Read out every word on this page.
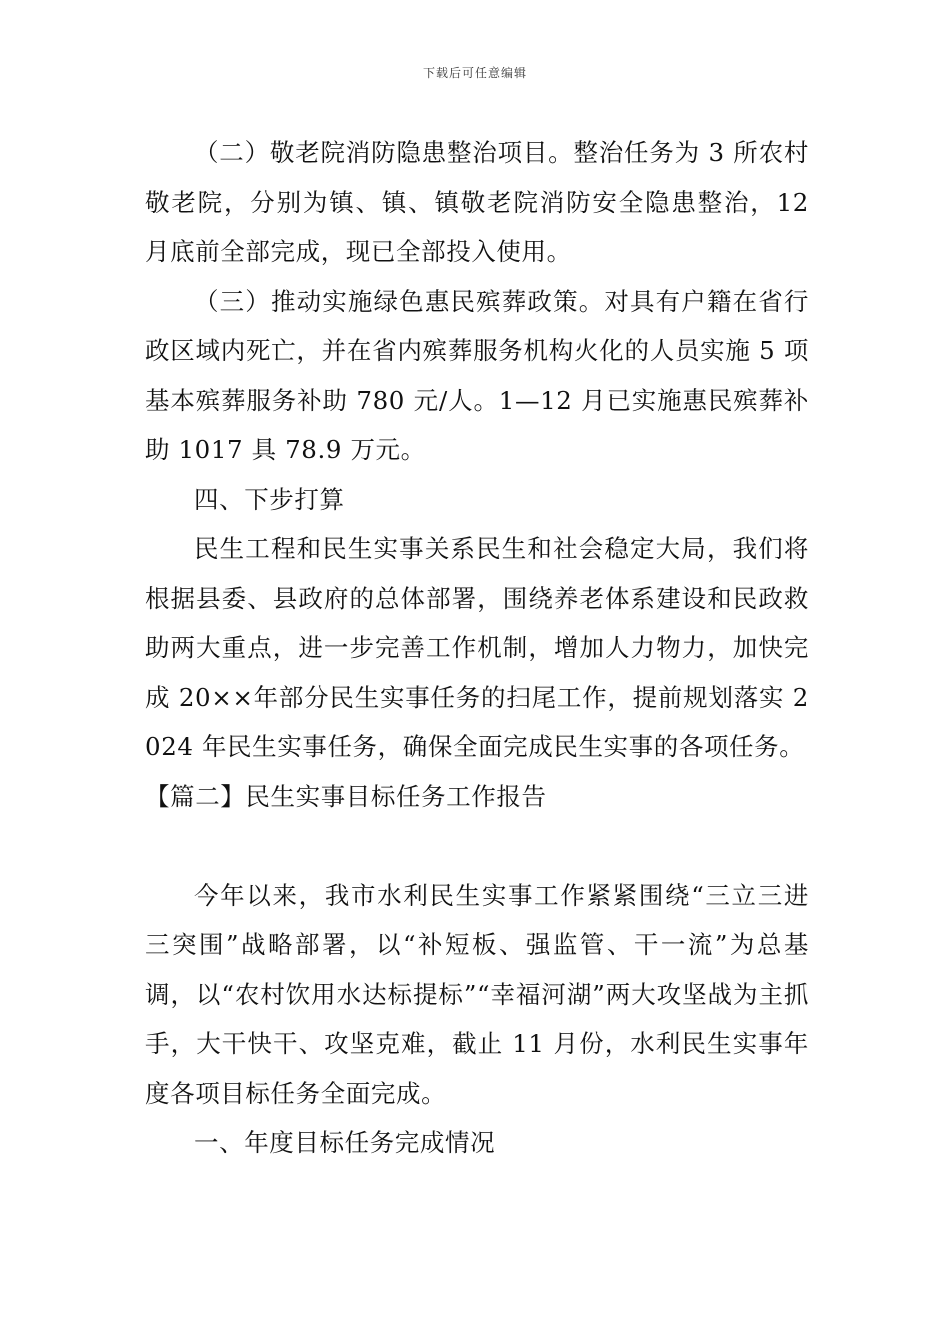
下载后可任意编辑

（二）敬老院消防隐患整治项目。整治任务为 3 所农村敬老院，分别为镇、镇、镇敬老院消防安全隐患整治，12 月底前全部完成，现已全部投入使用。

（三）推动实施绿色惠民殡葬政策。对具有户籍在省行政区域内死亡，并在省内殡葬服务机构火化的人员实施 5 项基本殡葬服务补助 780 元/人。1—12 月已实施惠民殡葬补助 1017 具 78.9 万元。

四、下步打算

民生工程和民生实事关系民生和社会稳定大局，我们将根据县委、县政府的总体部署，围绕养老体系建设和民政救助两大重点，进一步完善工作机制，增加人力物力，加快完成 20××年部分民生实事任务的扫尾工作，提前规划落实 2024 年民生实事任务，确保全面完成民生实事的各项任务。

【篇二】民生实事目标任务工作报告

今年以来，我市水利民生实事工作紧紧围绕“三立三进三突围”战略部署，以“补短板、强监管、干一流”为总基调，以“农村饮用水达标提标”“幸福河湖”两大攻坚战为主抓手，大干快干、攻坚克难，截止 11 月份，水利民生实事年度各项目标任务全面完成。

一、年度目标任务完成情况
